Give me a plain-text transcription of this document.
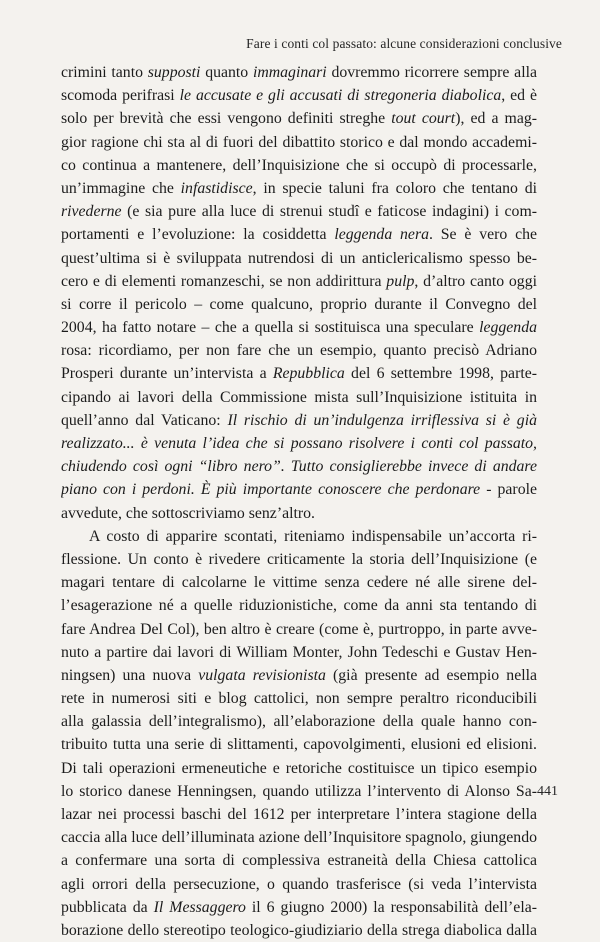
Fare i conti col passato: alcune considerazioni conclusive
crimini tanto supposti quanto immaginari dovremmo ricorrere sempre alla
scomoda perifrasi le accusate e gli accusati di stregoneria diabolica, ed è
solo per brevità che essi vengono definiti streghe tout court), ed a mag-
gior ragione chi sta al di fuori del dibattito storico e dal mondo accademi-
co continua a mantenere, dell’Inquisizione che si occupò di processarle,
un’immagine che infastidisce, in specie taluni fra coloro che tentano di
rivederne (e sia pure alla luce di strenui studî e faticose indagini) i com-
portamenti e l’evoluzione: la cosiddetta leggenda nera. Se è vero che
quest’ultima si è sviluppata nutrendosi di un anticlericalismo spesso be-
cero e di elementi romanzeschi, se non addirittura pulp, d’altro canto oggi
si corre il pericolo – come qualcuno, proprio durante il Convegno del
2004, ha fatto notare – che a quella si sostituisca una speculare leggenda
rosa: ricordiamo, per non fare che un esempio, quanto precisò Adriano
Prosperi durante un’intervista a Repubblica del 6 settembre 1998, parte-
cipando ai lavori della Commissione mista sull’Inquisizione istituita in
quell’anno dal Vaticano: Il rischio di un’indulgenza irriflessiva si è già
realizzato... è venuta l’idea che si possano risolvere i conti col passato,
chiudendo così ogni “libro nero”. Tutto consiglierebbe invece di andare
piano con i perdoni. È più importante conoscere che perdonare - parole
avvedute, che sottoscriviamo senz’altro.
A costo di apparire scontati, riteniamo indispensabile un’accorta ri-
flessione. Un conto è rivedere criticamente la storia dell’Inquisizione (e
magari tentare di calcolarne le vittime senza cedere né alle sirene del-
l’esagerazione né a quelle riduzionistiche, come da anni sta tentando di
fare Andrea Del Col), ben altro è creare (come è, purtroppo, in parte avve-
nuto a partire dai lavori di William Monter, John Tedeschi e Gustav Hen-
ningsen) una nuova vulgata revisionista (già presente ad esempio nella
rete in numerosi siti e blog cattolici, non sempre peraltro riconducibili
alla galassia dell’integralismo), all’elaborazione della quale hanno con-
tribuito tutta una serie di slittamenti, capovolgimenti, elusioni ed elisioni.
Di tali operazioni ermeneutiche e retoriche costituisce un tipico esempio
lo storico danese Henningsen, quando utilizza l’intervento di Alonso Sa-
lazar nei processi baschi del 1612 per interpretare l’intera stagione della
caccia alla luce dell’illuminata azione dell’Inquisitore spagnolo, giungendo
a confermare una sorta di complessiva estraneità della Chiesa cattolica
agli orrori della persecuzione, o quando trasferisce (si veda l’intervista
pubblicata da Il Messaggero il 6 giugno 2000) la responsabilità dell’ela-
borazione dello stereotipo teologico-giudiziario della strega diabolica dalla
441
